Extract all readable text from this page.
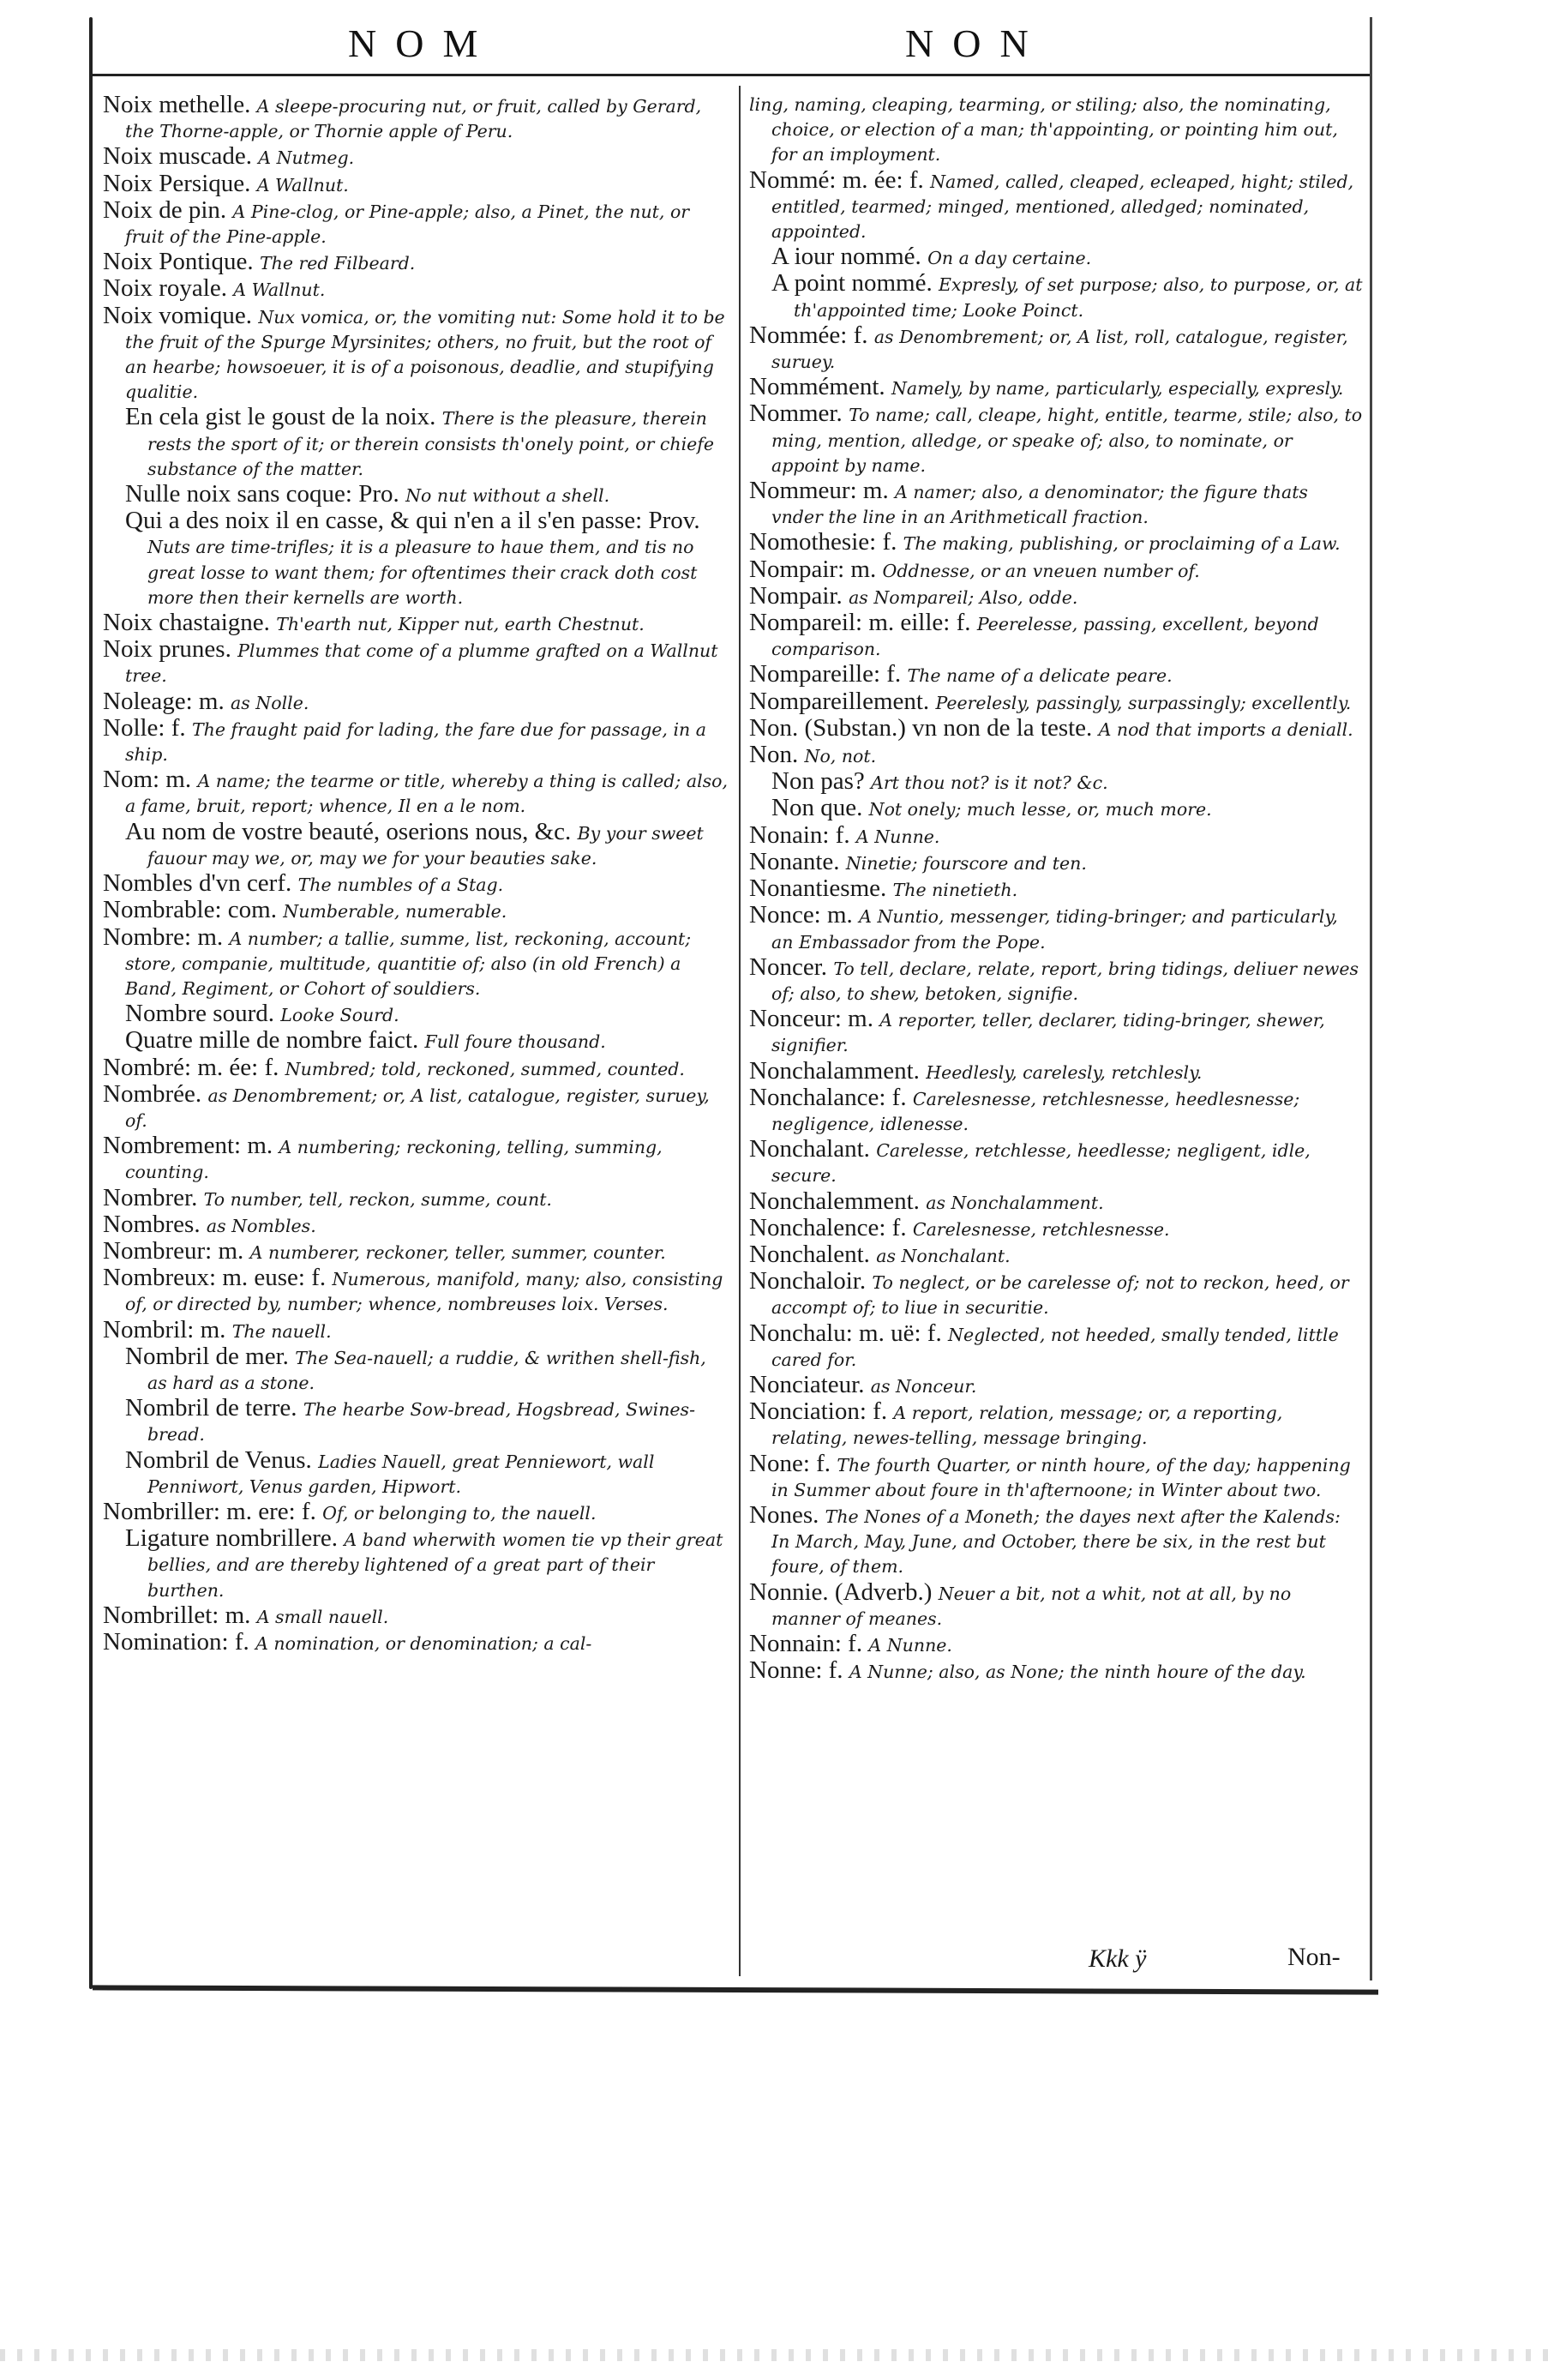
NOM	NON

Noix methelle. A sleepe-procuring nut, or fruit, called by Gerard, the Thorne-apple, or Thornie apple of Peru.

Noix muscade. A Nutmeg.

Noix Persique. A Wallnut.

Noix de pin. A Pine-clog, or Pine-apple; also, a Pinet, the nut, or fruit of the Pine-apple.

Noix Pontique. The red Filbeard.

Noix royale. A Wallnut.

Noix vomique. Nux vomica, or, the vomiting nut: Some hold it to be the fruit of the Spurge Myrsinites; others, no fruit, but the root of an hearbe; howsoeuer, it is of a poisonous, deadlie, and stupifying qualitie.

En cela gist le goust de la noix. There is the pleasure, therein rests the sport of it; or therein consists th'onely point, or chiefe substance of the matter.

Nulle noix sans coque: Pro. No nut without a shell.

Qui a des noix il en casse, & qui n'en a il s'en passe: Prov. Nuts are time-trifles; it is a pleasure to haue them, and tis no great losse to want them; for oftentimes their crack doth cost more then their kernells are worth.

Noix chastaigne. Th'earth nut, Kipper nut, earth Chestnut.

Noix prunes. Plummes that come of a plumme grafted on a Wallnut tree.

Noleage: m. as Nolle.

Nolle: f. The fraught paid for lading, the fare due for passage, in a ship.

Nom: m. A name; the tearme or title, whereby a thing is called; also, a fame, bruit, report; whence, Il en a le nom.

Au nom de vostre beauté, oserions nous, &c. By your sweet fauour may we, or, may we for your beauties sake.

Nombles d'vn cerf. The numbles of a Stag.

Nombrable: com. Numberable, numerable.

Nombre: m. A number; a tallie, summe, list, reckoning, account; store, companie, multitude, quantitie of; also (in old French) a Band, Regiment, or Cohort of souldiers.

Nombre sourd. Looke Sourd.

Quatre mille de nombre faict. Full foure thousand.

Nombré: m. ée: f. Numbred; told, reckoned, summed, counted.

Nombrée. as Denombrement; or, A list, catalogue, register, suruey, of.

Nombrement: m. A numbering; reckoning, telling, summing, counting.

Nombrer. To number, tell, reckon, summe, count.

Nombres. as Nombles.

Nombreur: m. A numberer, reckoner, teller, summer, counter.

Nombreux: m. euse: f. Numerous, manifold, many; also, consisting of, or directed by, number; whence, nombreuses loix. Verses.

Nombril: m. The nauell.

Nombril de mer. The Sea-nauell; a ruddie, & writhen shell-fish, as hard as a stone.

Nombril de terre. The hearbe Sow-bread, Hogsbread, Swines-bread.

Nombril de Venus. Ladies Nauell, great Penniewort, wall Penniwort, Venus garden, Hipwort.

Nombriller: m. ere: f. Of, or belonging to, the nauell.

Ligature nombrillere. A band wherwith women tie vp their great bellies, and are thereby lightened of a great part of their burthen.

Nombrillet: m. A small nauell.

Nomination: f. A nomination, or denomination; a cal-

ling, naming, cleaping, tearming, or stiling; also, the nominating, choice, or election of a man; th'appointing, or pointing him out, for an imployment.

Nommé: m. ée: f. Named, called, cleaped, ecleaped, hight; stiled, entitled, tearmed; minged, mentioned, alledged; nominated, appointed.

A iour nommé. On a day certaine.

A point nommé. Expresly, of set purpose; also, to purpose, or, at th'appointed time; Looke Poinct.

Nommée: f. as Denombrement; or, A list, roll, catalogue, register, suruey.

Nommément. Namely, by name, particularly, especially, expresly.

Nommer. To name; call, cleape, hight, entitle, tearme, stile; also, to ming, mention, alledge, or speake of; also, to nominate, or appoint by name.

Nommeur: m. A namer; also, a denominator; the figure thats vnder the line in an Arithmeticall fraction.

Nomothesie: f. The making, publishing, or proclaiming of a Law.

Nompair: m. Oddnesse, or an vneuen number of.

Nompair. as Nompareil; Also, odde.

Nompareil: m. eille: f. Peerelesse, passing, excellent, beyond comparison.

Nompareille: f. The name of a delicate peare.

Nompareillement. Peerelesly, passingly, surpassingly; excellently.

Non. (Substan.) vn non de la teste. A nod that imports a deniall.

Non. No, not.

Non pas? Art thou not? is it not? &c.

Non que. Not onely; much lesse, or, much more.

Nonain: f. A Nunne.

Nonante. Ninetie; fourscore and ten.

Nonantiesme. The ninetieth.

Nonce: m. A Nuntio, messenger, tiding-bringer; and particularly, an Embassador from the Pope.

Noncer. To tell, declare, relate, report, bring tidings, deliuer newes of; also, to shew, betoken, signifie.

Nonceur: m. A reporter, teller, declarer, tiding-bringer, shewer, signifier.

Nonchalamment. Heedlesly, carelesly, retchlesly.

Nonchalance: f. Carelesnesse, retchlesnesse, heedlesnesse; negligence, idlenesse.

Nonchalant. Carelesse, retchlesse, heedlesse; negligent, idle, secure.

Nonchalemment. as Nonchalamment.

Nonchalence: f. Carelesnesse, retchlesnesse.

Nonchalent. as Nonchalant.

Nonchaloir. To neglect, or be carelesse of; not to reckon, heed, or accompt of; to liue in securitie.

Nonchalu: m. uë: f. Neglected, not heeded, smally tended, little cared for.

Nonciateur. as Nonceur.

Nonciation: f. A report, relation, message; or, a reporting, relating, newes-telling, message bringing.

None: f. The fourth Quarter, or ninth houre, of the day; happening in Summer about foure in th'afternoone; in Winter about two.

Nones. The Nones of a Moneth; the dayes next after the Kalends: In March, May, June, and October, there be six, in the rest but foure, of them.

Nonnie. (Adverb.) Neuer a bit, not a whit, not at all, by no manner of meanes.

Nonnain: f. A Nunne.

Nonne: f. A Nunne; also, as None; the ninth houre of the day.

Kkk ÿ	Non-
